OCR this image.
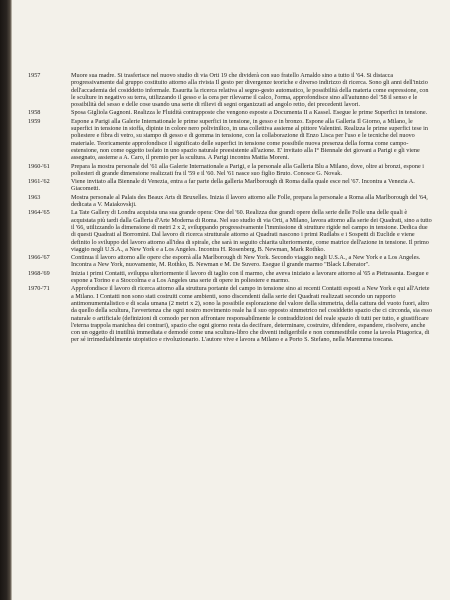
1957	Muore sua madre. Si trasferisce nel nuovo studio di via Orti 19 che dividerà con suo fratello Arnaldo sino a tutto il '64. Si distacca progressivamente dal gruppo costituito attorno alla rivista Il gesto per divergenze teoriche e diverso indirizzo di ricerca. Sono gli anni dell'inizio dell'accademia del cosiddetto informale. Esaurita la ricerca relativa al segno-gesto automatico, le possibilità della materia come espressione, con le sculture in negativo su terra, utilizzando il gesso e la cera per rilevarne il calco, l'orma, approfondisce sino all'autunno del '58 il senso e le possibilità del sesso e delle cose usando una serie di rilievi di segni organizzati ad angolo retto, dei precedenti lavori.

1958	Sposa Gigliola Gagnoni. Realizza le Fluidità contrapposte che vengono esposte a Documenta II a Kassel. Esegue le prime Superfici in tensione.

1959	Espone a Parigi alla Galerie Internationale le prime superfici in tensione, in gesso e in bronzo. Espone alla Galleria Il Giorno, a Milano, le superfici in tensione in stoffa, dipinte in colore nero polivinilico, in una collettiva assieme al pittore Valentini. Realizza le prime superfici tese in poliestere e fibra di vetro, su stampo di gesso e di gomma in tensione, con la collaborazione di Enzo Lisca per l'uso e le tecniche del nuovo materiale. Teoricamente approfondisce il significato delle superfici in tensione come possibile nuova presenza della forma come campo-estensione, non come oggetto isolato in uno spazio naturale preesistente all'azione. E' invitato alla I° Biennale dei giovani a Parigi e gli viene assegnato, assieme a A. Caro, il premio per la scultura. A Parigi incontra Mattia Moreni.

1960-'61	Prepara la mostra personale del '61 alla Galerie Internationale a Parigi, e la personale alla Galleria Blu a Milano, dove, oltre ai bronzi, espone i poliesteri di grande dimensione realizzati fra il '59 e il '60. Nel '61 nasce suo figlio Bruto. Conosce G. Novak.

1961-'62	Viene invitato alla Biennale di Venezia, entra a far parte della galleria Marlborough di Roma dalla quale esce nel '67. Incontra a Venezia A. Giacometti.

1963	Mostra personale al Palais des Beaux Arts di Bruxelles. Inizia il lavoro attorno alle Folle, prepara la personale a Roma alla Marlborough del '64, dedicata a V. Maiakovskji.

1964-'65	La Tate Gallery di Londra acquista una sua grande opera: One del '60. Realizza due grandi opere della serie delle Folle una delle quali è acquistata più tardi dalla Galleria d'Arte Moderna di Roma. Nel suo studio di via Orti, a Milano, lavora attorno alla serie dei Quadrati, sino a tutto il '66, utilizzando la dimensione di metri 2 x 2, sviluppando progressivamente l'immissione di strutture rigide nel campo in tensione. Dedica due di questi Quadrati al Borromini. Dal lavoro di ricerca strutturale attorno ai Quadrati nascono i primi Rudlabs e i Sospetti di Euclide e viene definito lo sviluppo del lavoro attorno all'idea di spirale, che sarà in seguito chiarita ulteriormente, come matrice dell'azione in tensione. Il primo viaggio negli U.S.A., a New York e a Los Angeles. Incontra H. Rosenberg, B. Newman, Mark Rothko.

1966-'67	Continua il lavoro attorno alle opere che esporrà alla Marlborough di New York. Secondo viaggio negli U.S.A., a New York e a Los Angeles. Incontra a New York, nuovamente, M. Rothko, B. Newman e M. De Suvero. Esegue il grande marmo "Black Liberator".

1968-'69	Inizia i primi Contatti, sviluppa ulteriormente il lavoro di taglio con il marmo, che aveva iniziato a lavorare attorno al '65 a Pietrasanta. Esegue e espone a Torino e a Stoccolma e a Los Angeles una serie di opere in poliestere e marmo.

1970-'71	Approfondisce il lavoro di ricerca attorno alla struttura portante del campo in tensione sino ai recenti Contatti esposti a New York e qui all'Ariete a Milano. I Contatti non sono stati costruiti come ambienti, sono discendenti dalla serie dei Quadrati realizzati secondo un rapporto antimonumentalistico e di scala umana (2 metri x 2), sono la possibile esplorazione del valore della simmetria, della cattura del vuoto fuori, altro da quello della scultura, l'avvertenza che ogni nostro movimento reale ha il suo opposto simmetrico nel cosiddetto spazio che ci circonda, sia esso naturale o artificiale (definizioni di comodo per non affrontare responsabilmente le contraddizioni del reale spazio di tutti per tutto, e giustificare l'eterna trappola manichea dei contrari), spazio che ogni giorno resta da decifrare, determinare, costruire, difendere, espandere, risolvere, anche con un oggetto di inutilità immediata e demodé come una scultura-libro che diventi indigeribile e non commestibile come la tavola Pitagorica, di per sé irrimediabilmente utopistico e rivoluzionario. L'autore vive e lavora a Milano e a Porto S. Stefano, nella Maremma toscana.
